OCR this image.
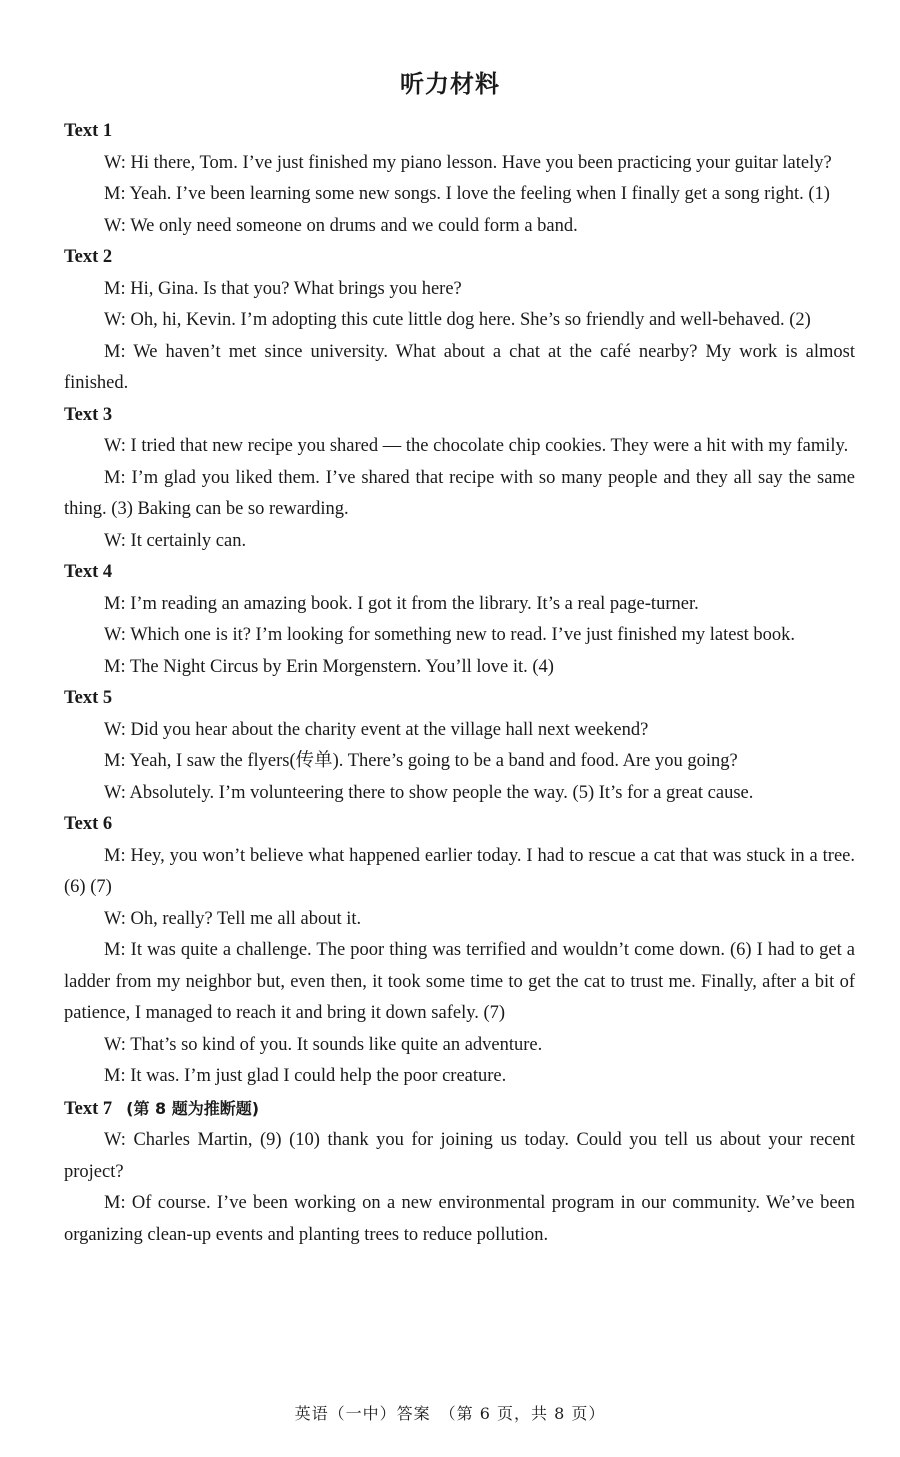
听力材料

Text 1

W: Hi there, Tom. I’ve just finished my piano lesson. Have you been practicing your guitar lately?

M: Yeah. I’ve been learning some new songs. I love the feeling when I finally get a song right. (1)

W: We only need someone on drums and we could form a band.

Text 2

M: Hi, Gina. Is that you? What brings you here?

W: Oh, hi, Kevin. I’m adopting this cute little dog here. She’s so friendly and well-behaved. (2)

M: We haven’t met since university. What about a chat at the café nearby? My work is almost finished.

Text 3

W: I tried that new recipe you shared — the chocolate chip cookies. They were a hit with my family.

M: I’m glad you liked them. I’ve shared that recipe with so many people and they all say the same thing. (3) Baking can be so rewarding.

W: It certainly can.

Text 4

M: I’m reading an amazing book. I got it from the library. It’s a real page-turner.

W: Which one is it? I’m looking for something new to read. I’ve just finished my latest book.

M: The Night Circus by Erin Morgenstern. You’ll love it. (4)

Text 5

W: Did you hear about the charity event at the village hall next weekend?

M: Yeah, I saw the flyers(传单). There’s going to be a band and food. Are you going?

W: Absolutely. I’m volunteering there to show people the way. (5) It’s for a great cause.

Text 6

M: Hey, you won’t believe what happened earlier today. I had to rescue a cat that was stuck in a tree. (6) (7)

W: Oh, really? Tell me all about it.

M: It was quite a challenge. The poor thing was terrified and wouldn’t come down. (6) I had to get a ladder from my neighbor but, even then, it took some time to get the cat to trust me. Finally, after a bit of patience, I managed to reach it and bring it down safely. (7)

W: That’s so kind of you. It sounds like quite an adventure.

M: It was. I’m just glad I could help the poor creature.

Text 7 (第 8 题为推断题)

W: Charles Martin, (9) (10) thank you for joining us today. Could you tell us about your recent project?

M: Of course. I’ve been working on a new environmental program in our community. We’ve been organizing clean-up events and planting trees to reduce pollution.

英语（一中）答案　（第 6 页，共 8 页）
